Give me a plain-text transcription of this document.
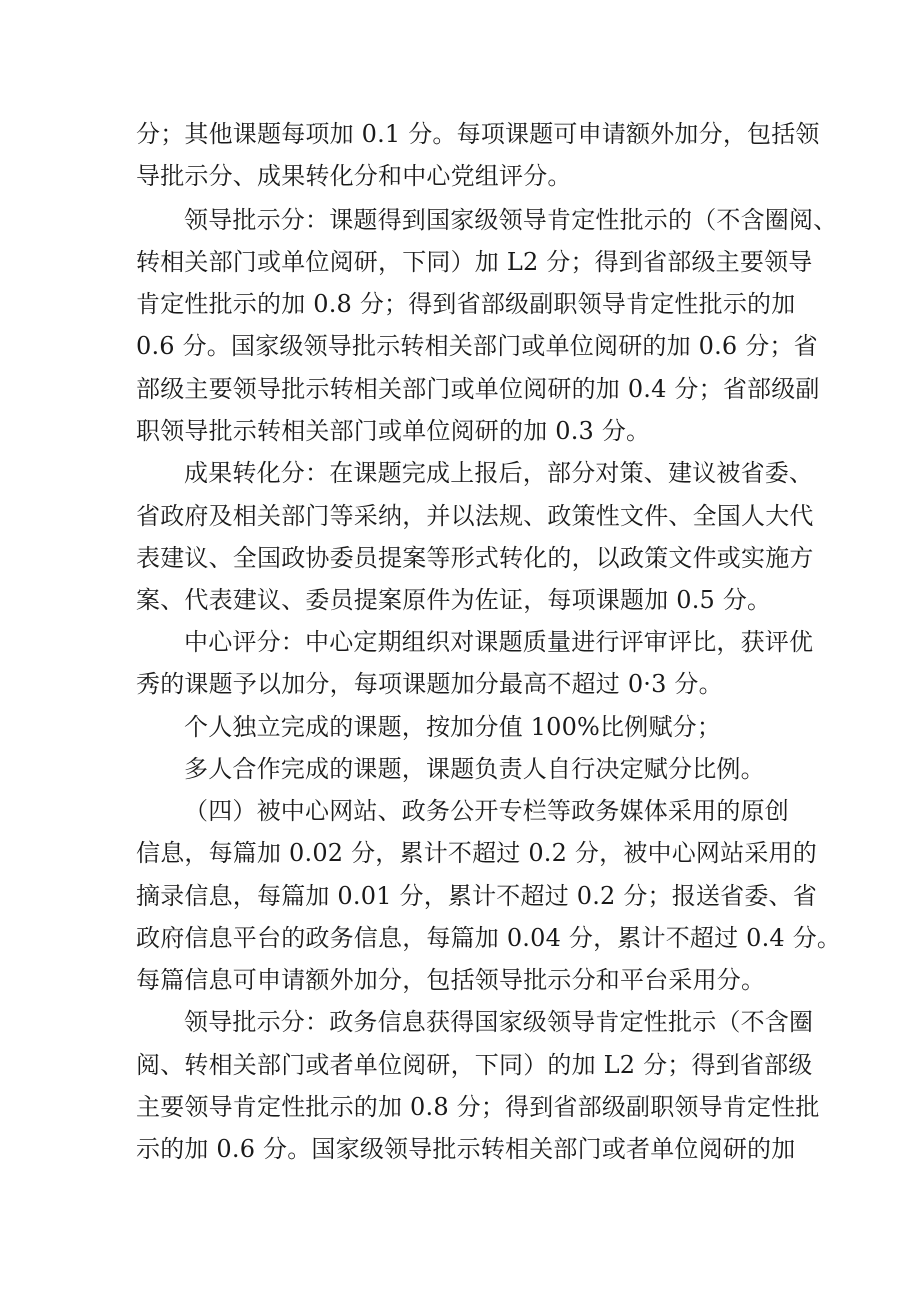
分；其他课题每项加 0.1 分。每项课题可申请额外加分，包括领
导批示分、成果转化分和中心党组评分。
领导批示分：课题得到国家级领导肯定性批示的（不含圈阅、
转相关部门或单位阅研，下同）加 L2 分；得到省部级主要领导
肯定性批示的加 0.8 分；得到省部级副职领导肯定性批示的加
0.6 分。国家级领导批示转相关部门或单位阅研的加 0.6 分；省
部级主要领导批示转相关部门或单位阅研的加 0.4 分；省部级副
职领导批示转相关部门或单位阅研的加 0.3 分。
成果转化分：在课题完成上报后，部分对策、建议被省委、
省政府及相关部门等采纳，并以法规、政策性文件、全国人大代
表建议、全国政协委员提案等形式转化的，以政策文件或实施方
案、代表建议、委员提案原件为佐证，每项课题加 0.5 分。
中心评分：中心定期组织对课题质量进行评审评比，获评优
秀的课题予以加分，每项课题加分最高不超过 0·3 分。
个人独立完成的课题，按加分值 100%比例赋分；
多人合作完成的课题，课题负责人自行决定赋分比例。
（四）被中心网站、政务公开专栏等政务媒体采用的原创
信息，每篇加 0.02 分，累计不超过 0.2 分，被中心网站采用的
摘录信息，每篇加 0.01 分，累计不超过 0.2 分；报送省委、省
政府信息平台的政务信息，每篇加 0.04 分，累计不超过 0.4 分。
每篇信息可申请额外加分，包括领导批示分和平台采用分。
领导批示分：政务信息获得国家级领导肯定性批示（不含圈
阅、转相关部门或者单位阅研，下同）的加 L2 分；得到省部级
主要领导肯定性批示的加 0.8 分；得到省部级副职领导肯定性批
示的加 0.6 分。国家级领导批示转相关部门或者单位阅研的加
